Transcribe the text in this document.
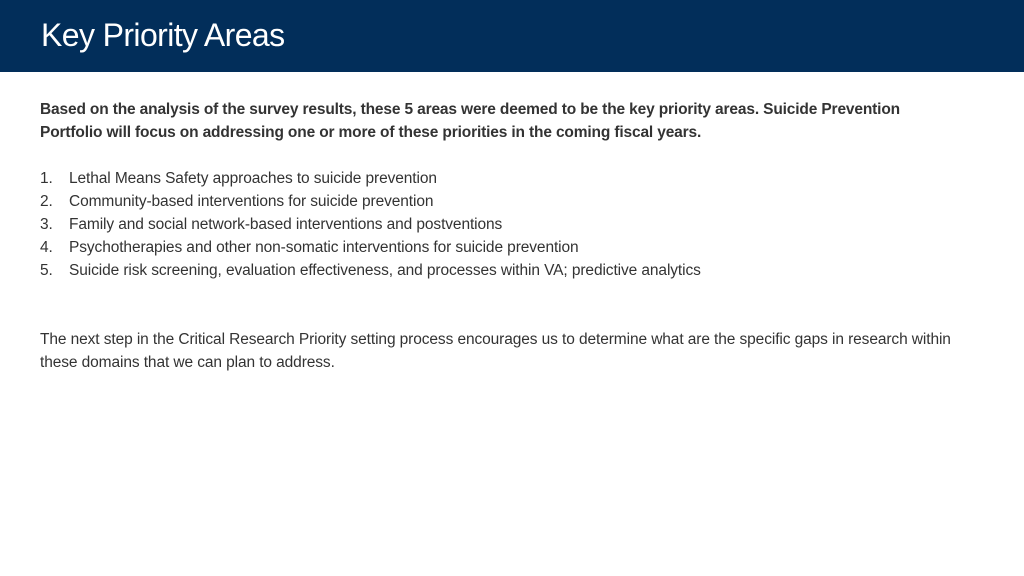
Key Priority Areas

Based on the analysis of the survey results, these 5 areas were deemed to be the key priority areas. Suicide Prevention Portfolio will focus on addressing one or more of these priorities in the coming fiscal years.

1.	Lethal Means Safety approaches to suicide prevention
2.	Community-based interventions for suicide prevention
3.	Family and social network-based interventions and postventions
4.	Psychotherapies and other non-somatic interventions for suicide prevention
5.	Suicide risk screening, evaluation effectiveness, and processes within VA; predictive analytics

The next step in the Critical Research Priority setting process encourages us to determine what are the specific gaps in research within these domains that we can plan to address.
